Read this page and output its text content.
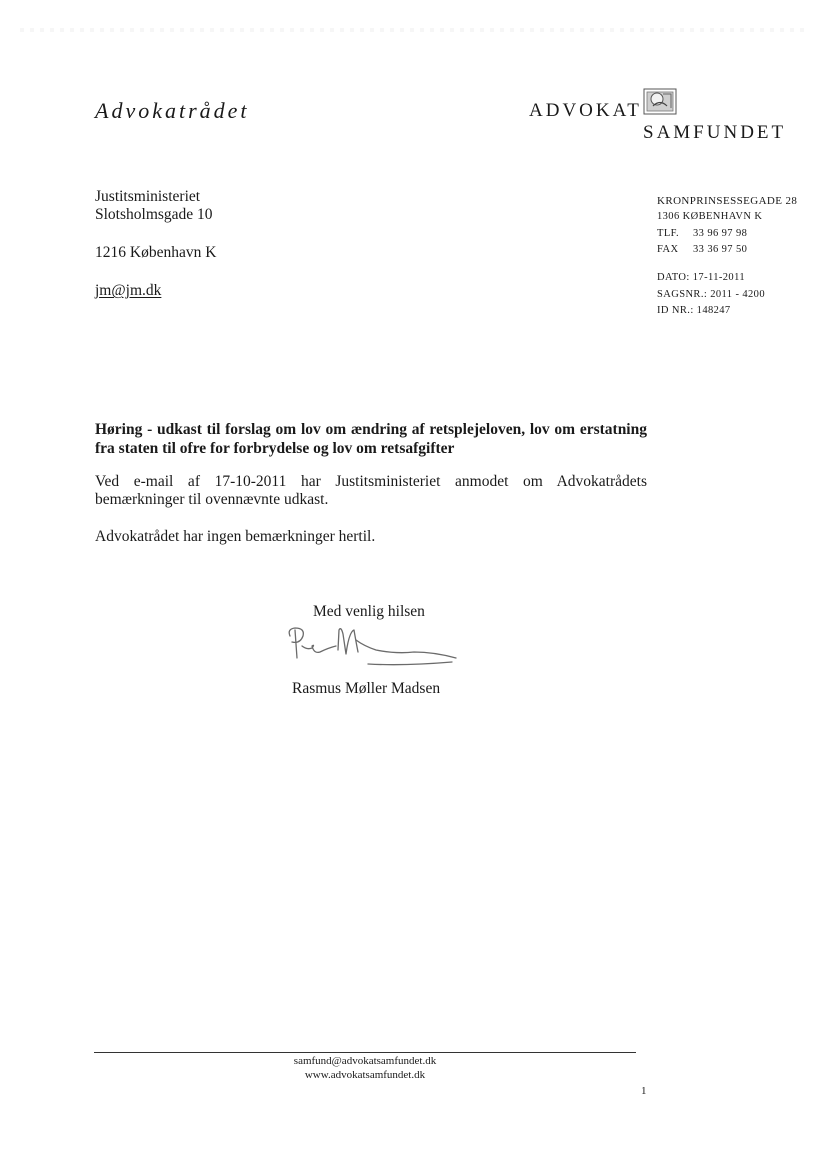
Advokatrådet	ADVOKAT
SAMFUNDET
Justitsministeriet
Slotsholmsgade 10
1216 København K
jm@jm.dk
KRONPRINSESSEGADE 28
1306 KØBENHAVN K
TLF. 33 96 97 98
FAX 33 36 97 50
DATO: 17-11-2011
SAGSNR.: 2011 - 4200
ID NR.: 148247
Høring - udkast til forslag om lov om ændring af retsplejeloven, lov om erstatning fra staten til ofre for forbrydelse og lov om retsafgifter
Ved e-mail af 17-10-2011 har Justitsministeriet anmodet om Advokatrådets bemærkninger til ovennævnte udkast.
Advokatrådet har ingen bemærkninger hertil.
Med venlig hilsen
Rasmus Møller Madsen
samfund@advokatsamfundet.dk
www.advokatsamfundet.dk
1
